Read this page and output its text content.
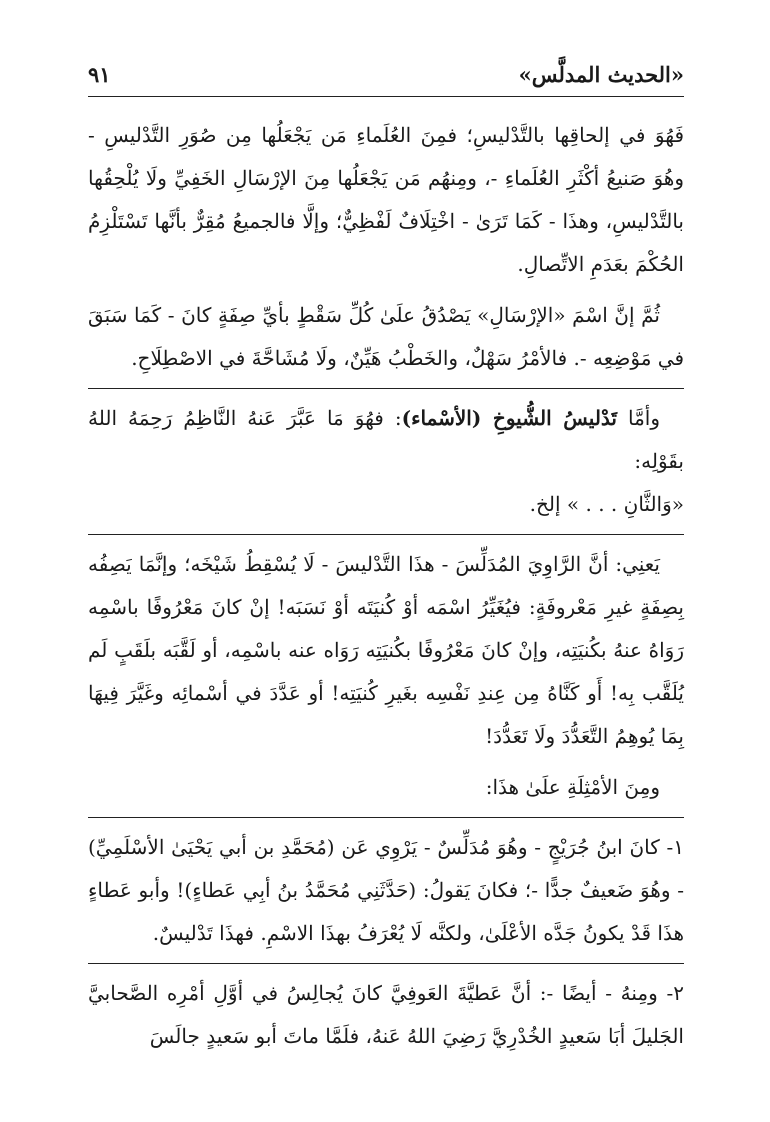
«الحديث المدلَّس»
٩١

فَهُوَ في إلحاقِها بالتَّدْليسِ؛ فمِنَ العُلَماءِ مَن يَجْعَلُها مِن صُوَرِ التَّدْليسِ - وهُوَ صَنيعُ أكْثَرِ العُلَماءِ -، ومِنهُم مَن يَجْعَلُها مِنَ الإرْسَالِ الخَفِيِّ ولَا يُلْحِقُها بالتَّدْليسِ، وهذَا - كَمَا تَرَىٰ - اخْتِلَافٌ لَفْظِيٌّ؛ وإلَّا فالجميعُ مُقِرٌّ بأنَّها تَسْتَلْزِمُ الحُكْمَ بعَدَمِ الاتِّصالِ.

ثُمَّ إنَّ اسْمَ «الإرْسَالِ» يَصْدُقُ علَىٰ كُلِّ سَقْطٍ بأيِّ صِفَةٍ كانَ - كَمَا سَبَقَ في مَوْضِعِه -. فالأمْرُ سَهْلٌ، والخَطْبُ هَيِّنٌ، ولَا مُشَاحَّةَ في الاصْطِلَاحِ.

وأمَّا تَدْليسُ الشُّيوخِ (الأسْماء): فهُوَ مَا عَبَّرَ عَنهُ النَّاظِمُ رَحِمَهُ اللهُ بقَوْلِه:
«وَالثَّانِ . . . » إلخ.

يَعنِي: أنَّ الرَّاوِيَ المُدَلِّسَ - هذَا التَّدْليسَ - لَا يُسْقِطُ شَيْخَه؛ وإنَّمَا يَصِفُه بِصِفَةٍ غيرِ مَعْروفَةٍ: فيُغَيِّرُ اسْمَه أوْ كُنيَتَه أوْ نَسَبَه! إنْ كانَ مَعْرُوفًا باسْمِه رَوَاهُ عنهُ بكُنيَتِه، وإنْ كانَ مَعْرُوفًا بكُنيَتِه رَوَاه عنه باسْمِه، أو لَقَّبَه بلَقَبٍ لَم يُلَقَّب بِه! أَو كَنَّاهُ مِن عِندِ نَفْسِه بغَيرِ كُنيَتِه! أو عَدَّدَ في أسْمائِه وغَيَّرَ فِيهَا بِمَا يُوهِمُ التَّعَدُّدَ ولَا تَعَدُّدَ!

ومِنَ الأمْثِلَةِ علَىٰ هذَا:

١- كانَ ابنُ جُرَيْجٍ - وهُوَ مُدَلِّسٌ - يَرْوِي عَن (مُحَمَّدِ بن أبي يَحْيَىٰ الأسْلَمِيِّ) - وهُوَ ضَعيفٌ جدًّا -؛ فكانَ يَقولُ: (حَدَّثَنِي مُحَمَّدُ بنُ أبِي عَطاءٍ)! وأبو عَطاءٍ هذَا قَدْ يكونُ جَدَّه الأعْلَىٰ، ولكنَّه لَا يُعْرَفُ بهذَا الاسْمِ. فهذَا تَدْليسٌ.

٢- ومِنهُ - أيضًا -: أنَّ عَطيَّةَ العَوفِيَّ كانَ يُجالِسُ في أوَّلِ أمْرِه الصَّحابيَّ الجَليلَ أبَا سَعيدٍ الخُدْرِيَّ رَضِيَ اللهُ عَنهُ، فلَمَّا ماتَ أبو سَعيدٍ جالَسَ
